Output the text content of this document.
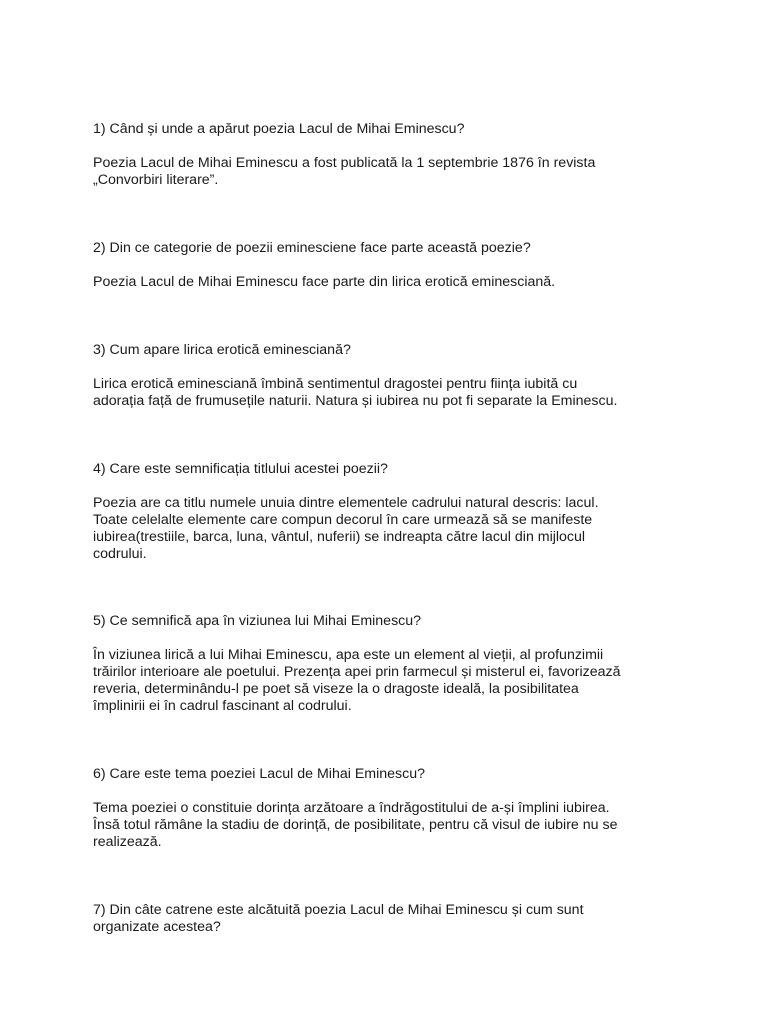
1) Când și unde a apărut poezia Lacul de Mihai Eminescu?
Poezia Lacul de Mihai Eminescu a fost publicată la 1 septembrie 1876 în revista
„Convorbiri literare”.
2) Din ce categorie de poezii eminesciene face parte această poezie?
Poezia Lacul de Mihai Eminescu face parte din lirica erotică eminesciană.
3) Cum apare lirica erotică eminesciană?
Lirica erotică eminesciană îmbină sentimentul dragostei pentru ființa iubită cu
adorația față de frumusețile naturii. Natura și iubirea nu pot fi separate la Eminescu.
4) Care este semnificația titlului acestei poezii?
Poezia are ca titlu numele unuia dintre elementele cadrului natural descris: lacul.
Toate celelalte elemente care compun decorul în care urmează să se manifeste
iubirea(trestiile, barca, luna, vântul, nuferii) se indreapta către lacul din mijlocul
codrului.
5) Ce semnifică apa în viziunea lui Mihai Eminescu?
În viziunea lirică a lui Mihai Eminescu, apa este un element al vieții, al profunzimii
trăirilor interioare ale poetului. Prezența apei prin farmecul și misterul ei, favorizează
reveria, determinându-l pe poet să viseze la o dragoste ideală, la posibilitatea
împlinirii ei în cadrul fascinant al codrului.
6) Care este tema poeziei Lacul de Mihai Eminescu?
Tema poeziei o constituie dorința arzătoare a îndrăgostitului de a-și împlini iubirea.
Însă totul rămâne la stadiu de dorință, de posibilitate, pentru că visul de iubire nu se
realizează.
7) Din câte catrene este alcătuită poezia Lacul de Mihai Eminescu și cum sunt
organizate acestea?
